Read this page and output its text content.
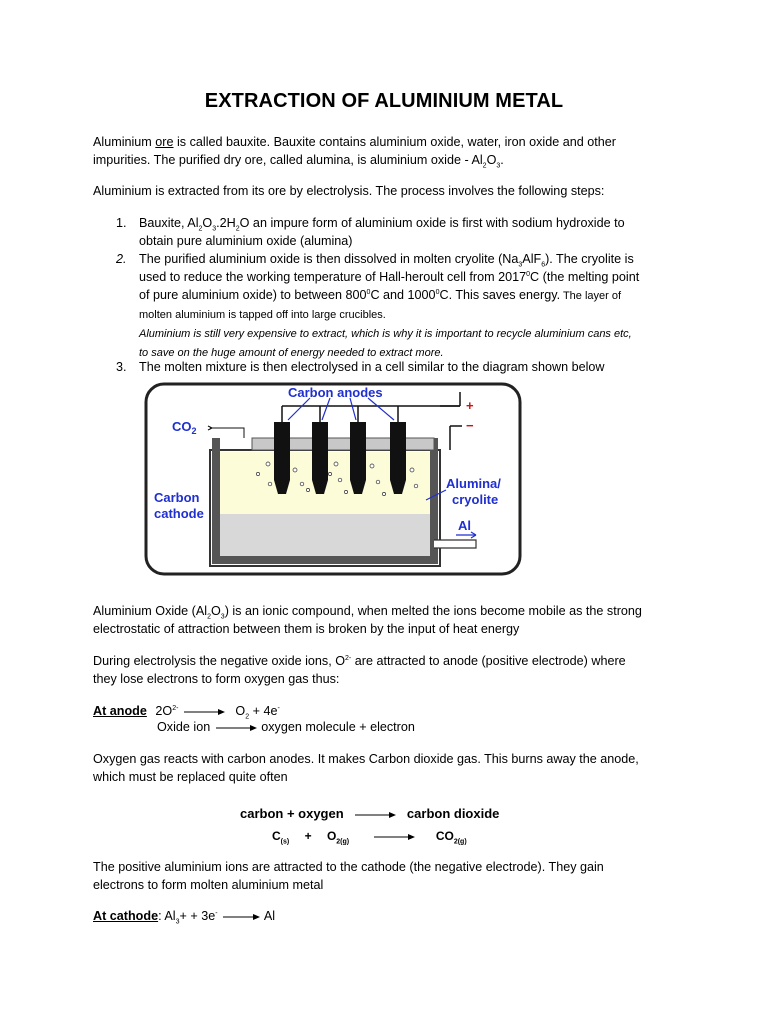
EXTRACTION OF ALUMINIUM METAL
Aluminium ore is called bauxite. Bauxite contains aluminium oxide, water, iron oxide and other
impurities. The purified dry ore, called alumina, is aluminium oxide - $Al_2O_3$.
Aluminium is extracted from its ore by electrolysis. The process involves the following steps:
1. Bauxite, $Al_2O_3.2H_2O$ an impure form of aluminium oxide is first with sodium hydroxide to
obtain pure aluminium oxide (alumina)
2. The purified aluminium oxide is then dissolved in molten cryolite $(Na_3AlF_6)$. The cryolite is
used to reduce the working temperature of Hall-heroult cell from 2017$^0$C (the melting point
of pure aluminium oxide) to between $800^0C$ and 1000$^0$C. This saves energy. The layer of
molten aluminium is tapped off into large crucibles.
Aluminium is still very expensive to extract, which is why it is important to recycle aluminium cans etc,
to save on the huge amount of energy needed to extract more.
3. The molten mixture is then electrolysed in a cell similar to the diagram shown below
Carbon anodes
+
−
$CO_2$
Carbon
cathode
Alumina/
cryolite
Al
Aluminium Oxide $(Al_2O_3)$ is an ionic compound, when melted the ions become mobile as the strong
electrostatic of attraction between them is broken by the input of heat energy
During electrolysis the negative oxide ions, $O^{2-}$ are attracted to anode (positive electrode) where
they lose electrons to form oxygen gas thus:
At anode $2O^{2-}$	$O_2 + 4e^-$
Oxide ion	oxygen molecule + electron
Oxygen gas reacts with carbon anodes. It makes Carbon dioxide gas. This burns away the anode,
which must be replaced quite often
carbon + oxygen	carbon dioxide
$C_{(s)} + O_{2(g)}$	$CO_{2(g)}$
The positive aluminium ions are attracted to the cathode (the negative electrode). They gain
electrons to form molten aluminium metal
At cathode: $Al_3+ + 3e^-$	Al
